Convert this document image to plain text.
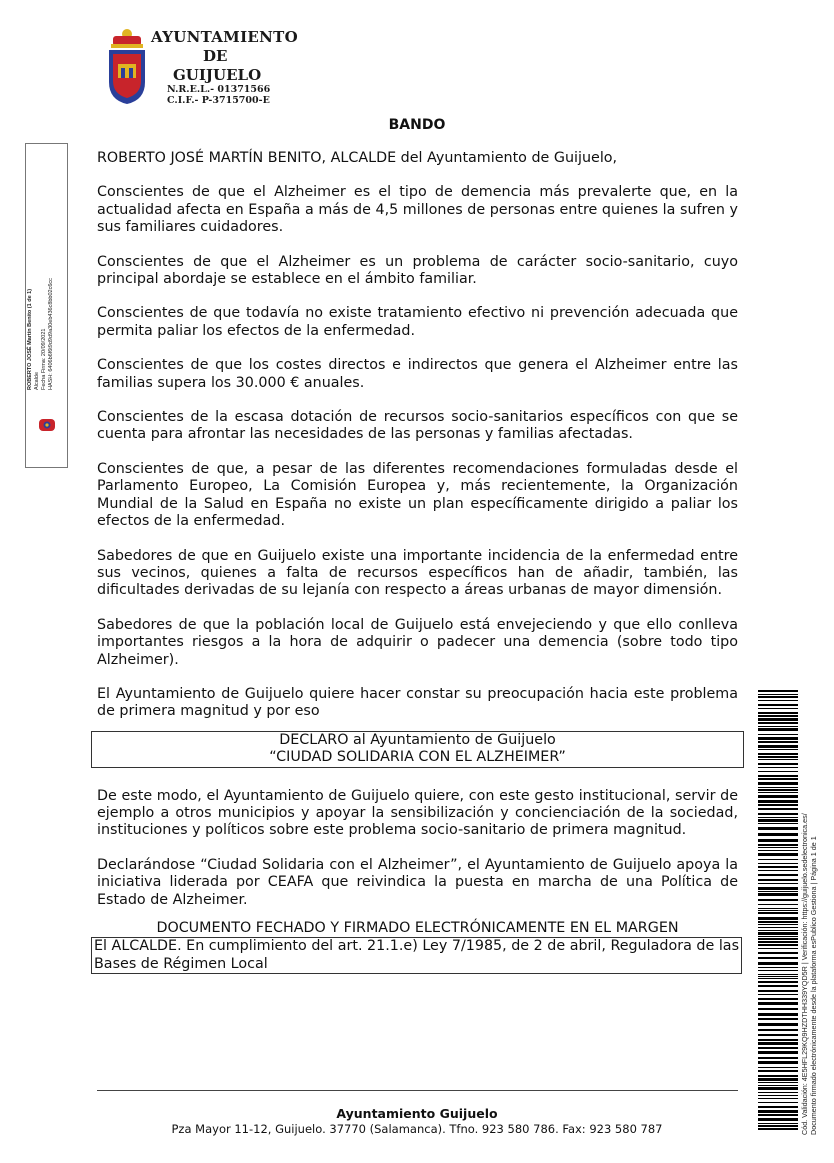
AYUNTAMIENTO
DE
GUIJUELO
N.R.E.L.- 01371566
C.I.F.- P-3715700-E
ROBERTO JOSÉ Martín Benito (1 de 1) Alcalde Fecha Firma: 20/09/2021 HASH: 6406b6f6t9d9d9a30eb436c8bb02c6cc
BANDO

ROBERTO JOSÉ MARTÍN BENITO, ALCALDE del Ayuntamiento de Guijuelo,

Conscientes de que el Alzheimer es el tipo de demencia más prevalerte que, en la actualidad afecta en España a más de 4,5 millones de personas entre quienes la sufren y sus familiares cuidadores.

Conscientes de que el Alzheimer es un problema de carácter socio-sanitario, cuyo principal abordaje se establece en el ámbito familiar.

Conscientes de que todavía no existe tratamiento efectivo ni prevención adecuada que permita paliar los efectos de la enfermedad.

Conscientes de que los costes directos e indirectos que genera el Alzheimer entre las familias supera los 30.000 € anuales.

Conscientes de la escasa dotación de recursos socio-sanitarios específicos con que se cuenta para afrontar las necesidades de las personas y familias afectadas.

Conscientes de que, a pesar de las diferentes recomendaciones formuladas desde el Parlamento Europeo, La Comisión Europea y, más recientemente, la Organización Mundial de la Salud en España no existe un plan específicamente dirigido a paliar los efectos de la enfermedad.

Sabedores de que en Guijuelo existe una importante incidencia de la enfermedad entre sus vecinos, quienes a falta de recursos específicos han de añadir, también, las dificultades derivadas de su lejanía con respecto a áreas urbanas de mayor dimensión.

Sabedores de que la población local de Guijuelo está envejeciendo y que ello conlleva importantes riesgos a la hora de adquirir o padecer una demencia (sobre todo tipo Alzheimer).

El Ayuntamiento de Guijuelo quiere hacer constar su preocupación hacia este problema de primera magnitud y por eso

DECLARO al Ayuntamiento de Guijuelo
“CIUDAD SOLIDARIA CON EL ALZHEIMER”

De este modo, el Ayuntamiento de Guijuelo quiere, con este gesto institucional, servir de ejemplo a otros municipios y apoyar la sensibilización y concienciación de la sociedad, instituciones y políticos sobre este problema socio-sanitario de primera magnitud.

Declarándose “Ciudad Solidaria con el Alzheimer”, el Ayuntamiento de Guijuelo apoya la iniciativa liderada por CEAFA que reivindica la puesta en marcha de una Política de Estado de Alzheimer.

DOCUMENTO FECHADO Y FIRMADO ELECTRÓNICAMENTE EN EL MARGEN
El ALCALDE. En cumplimiento del art. 21.1.e) Ley 7/1985, de 2 de abril, Reguladora de las Bases de Régimen Local
Ayuntamiento Guijuelo
Pza Mayor 11-12, Guijuelo. 37770 (Salamanca). Tfno. 923 580 786. Fax: 923 580 787	Cód. Validación: 4E5HFL29KQ9HZDTHH339YQD5R | Verificación: https://guijuelo.sedelectronica.es/ Documento firmado electrónicamente desde la plataforma esPublico Gestiona | Página 1 de 1
